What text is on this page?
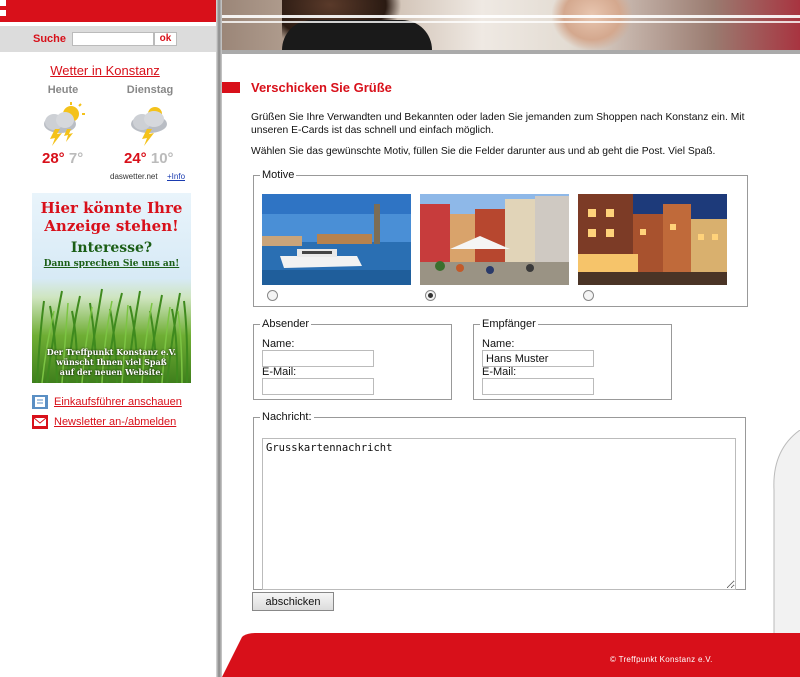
Suche	ok
Wetter in Konstanz
Heute	Dienstag
28° 7°	24° 10°
daswetter.net +Info
Hier könnte Ihre
Anzeige stehen!
Interesse?
Dann sprechen Sie uns an!
Der Treffpunkt Konstanz e.V.
wünscht Ihnen viel Spaß
auf der neuen Website.
Einkaufsführer anschauen
Newsletter an-/abmelden
Verschicken Sie Grüße

Grüßen Sie Ihre Verwandten und Bekannten oder laden Sie jemanden zum Shoppen nach Konstanz ein. Mit unseren E-Cards ist das schnell und einfach möglich.

Wählen Sie das gewünschte Motiv, füllen Sie die Felder darunter aus und ab geht die Post. Viel Spaß.

Motive
Absender
Name:
E-Mail:
Empfänger
Name:
Hans Muster
E-Mail:
Nachricht:
Grusskartennachricht
abschicken
© Treffpunkt Konstanz e.V.
